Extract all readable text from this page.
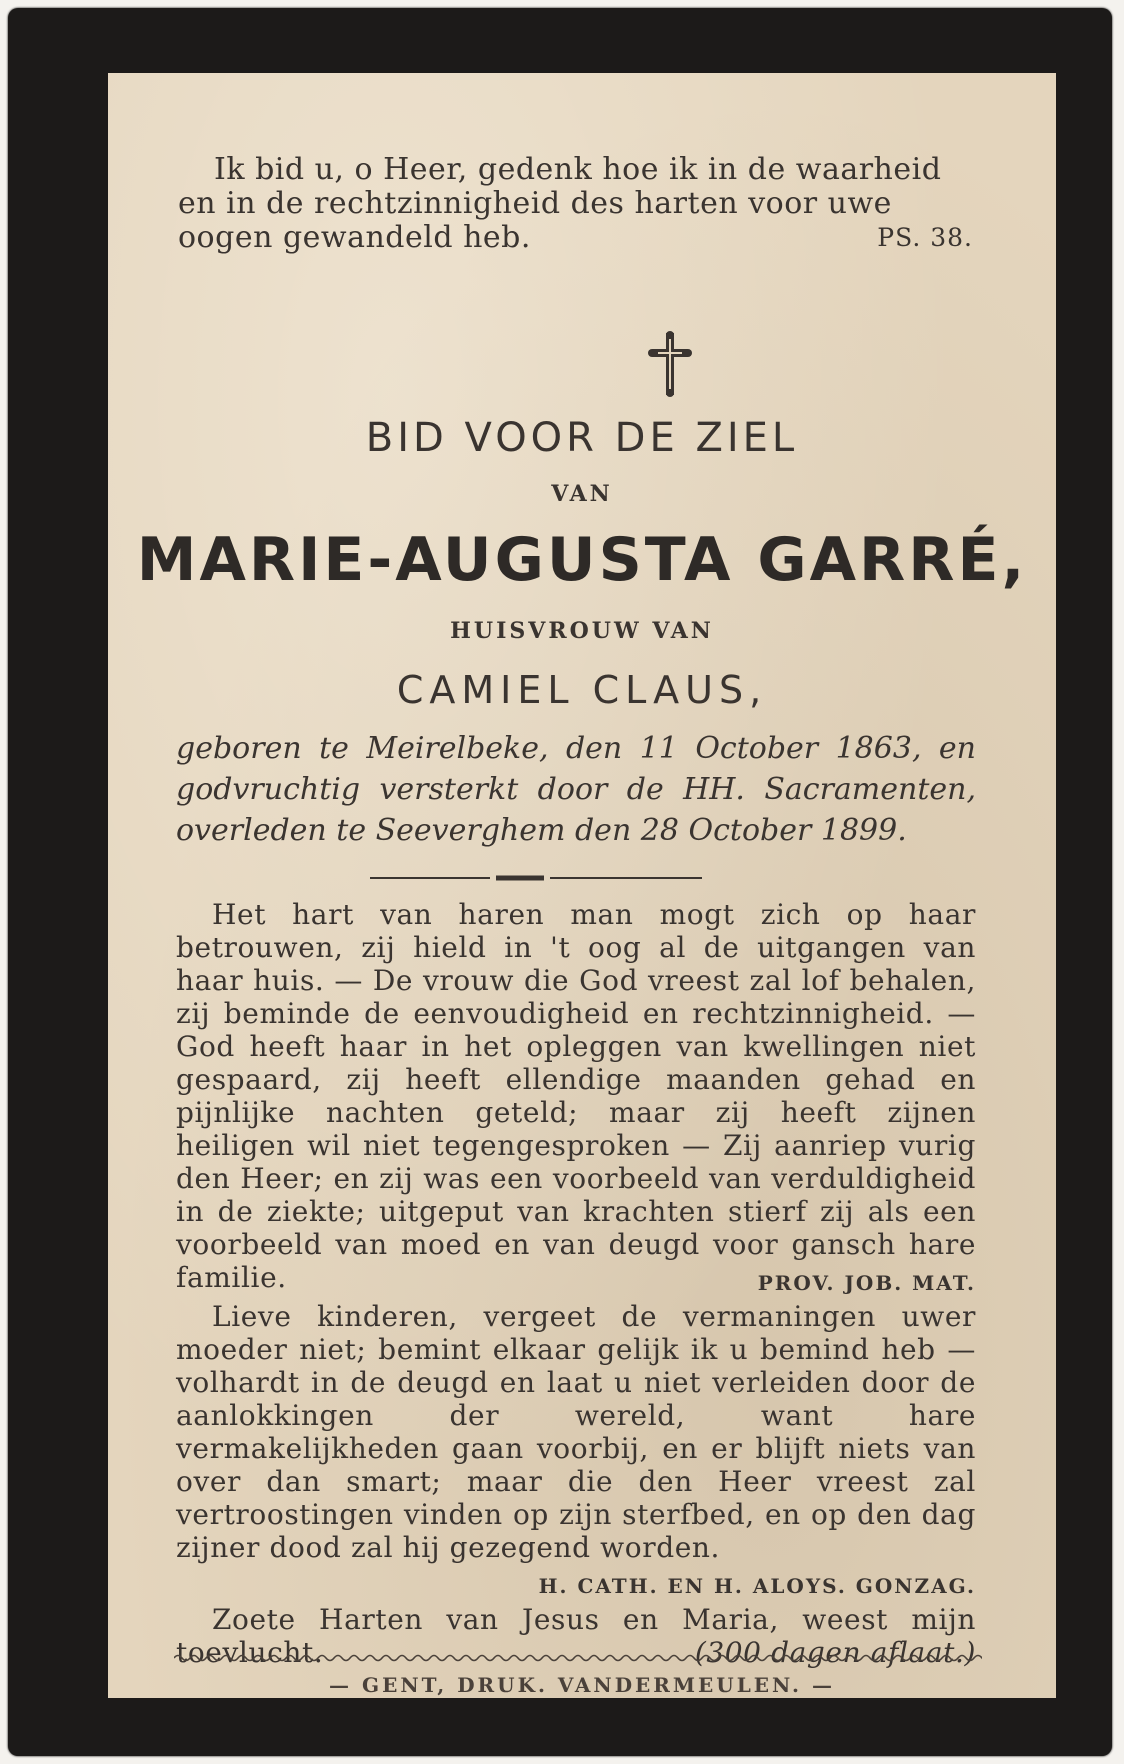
Ik bid u, o Heer, gedenk hoe ik in de waarheid
en in de rechtzinnigheid des harten voor uwe
oogen gewandeld heb.	PS. 38.
BID VOOR DE ZIEL
VAN
MARIE-AUGUSTA GARRÉ,
HUISVROUW VAN
CAMIEL CLAUS,
geboren te Meirelbeke, den 11 October 1863, en
godvruchtig versterkt door de HH. Sacramenten,
overleden te Seeverghem den 28 October 1899.

Het hart van haren man mogt zich op haar betrouwen, zij hield in 't oog al de uitgangen van haar huis. — De vrouw die God vreest zal lof behalen, zij beminde de eenvoudigheid en rechtzinnigheid. — God heeft haar in het opleggen van kwellingen niet gespaard, zij heeft ellendige maanden gehad en pijnlijke nachten geteld; maar zij heeft zijnen heiligen wil niet tegengesproken — Zij aanriep vurig den Heer; en zij was een voorbeeld van verduldigheid in de ziekte; uitgeput van krachten stierf zij als een voorbeeld van moed en van deugd voor gansch hare familie.	PROV. JOB. MAT.

Lieve kinderen, vergeet de vermaningen uwer moeder niet; bemint elkaar gelijk ik u bemind heb — volhardt in de deugd en laat u niet verleiden door de aanlokkingen der wereld, want hare vermakelijkheden gaan voorbij, en er blijft niets van over dan smart; maar die den Heer vreest zal vertroostingen vinden op zijn sterfbed, en op den dag zijner dood zal hij gezegend worden.
H. CATH. EN H. ALOYS. GONZAG.

Zoete Harten van Jesus en Maria, weest mijn toevlucht.	(300 dagen aflaat.)

— GENT, DRUK. VANDERMEULEN. —
